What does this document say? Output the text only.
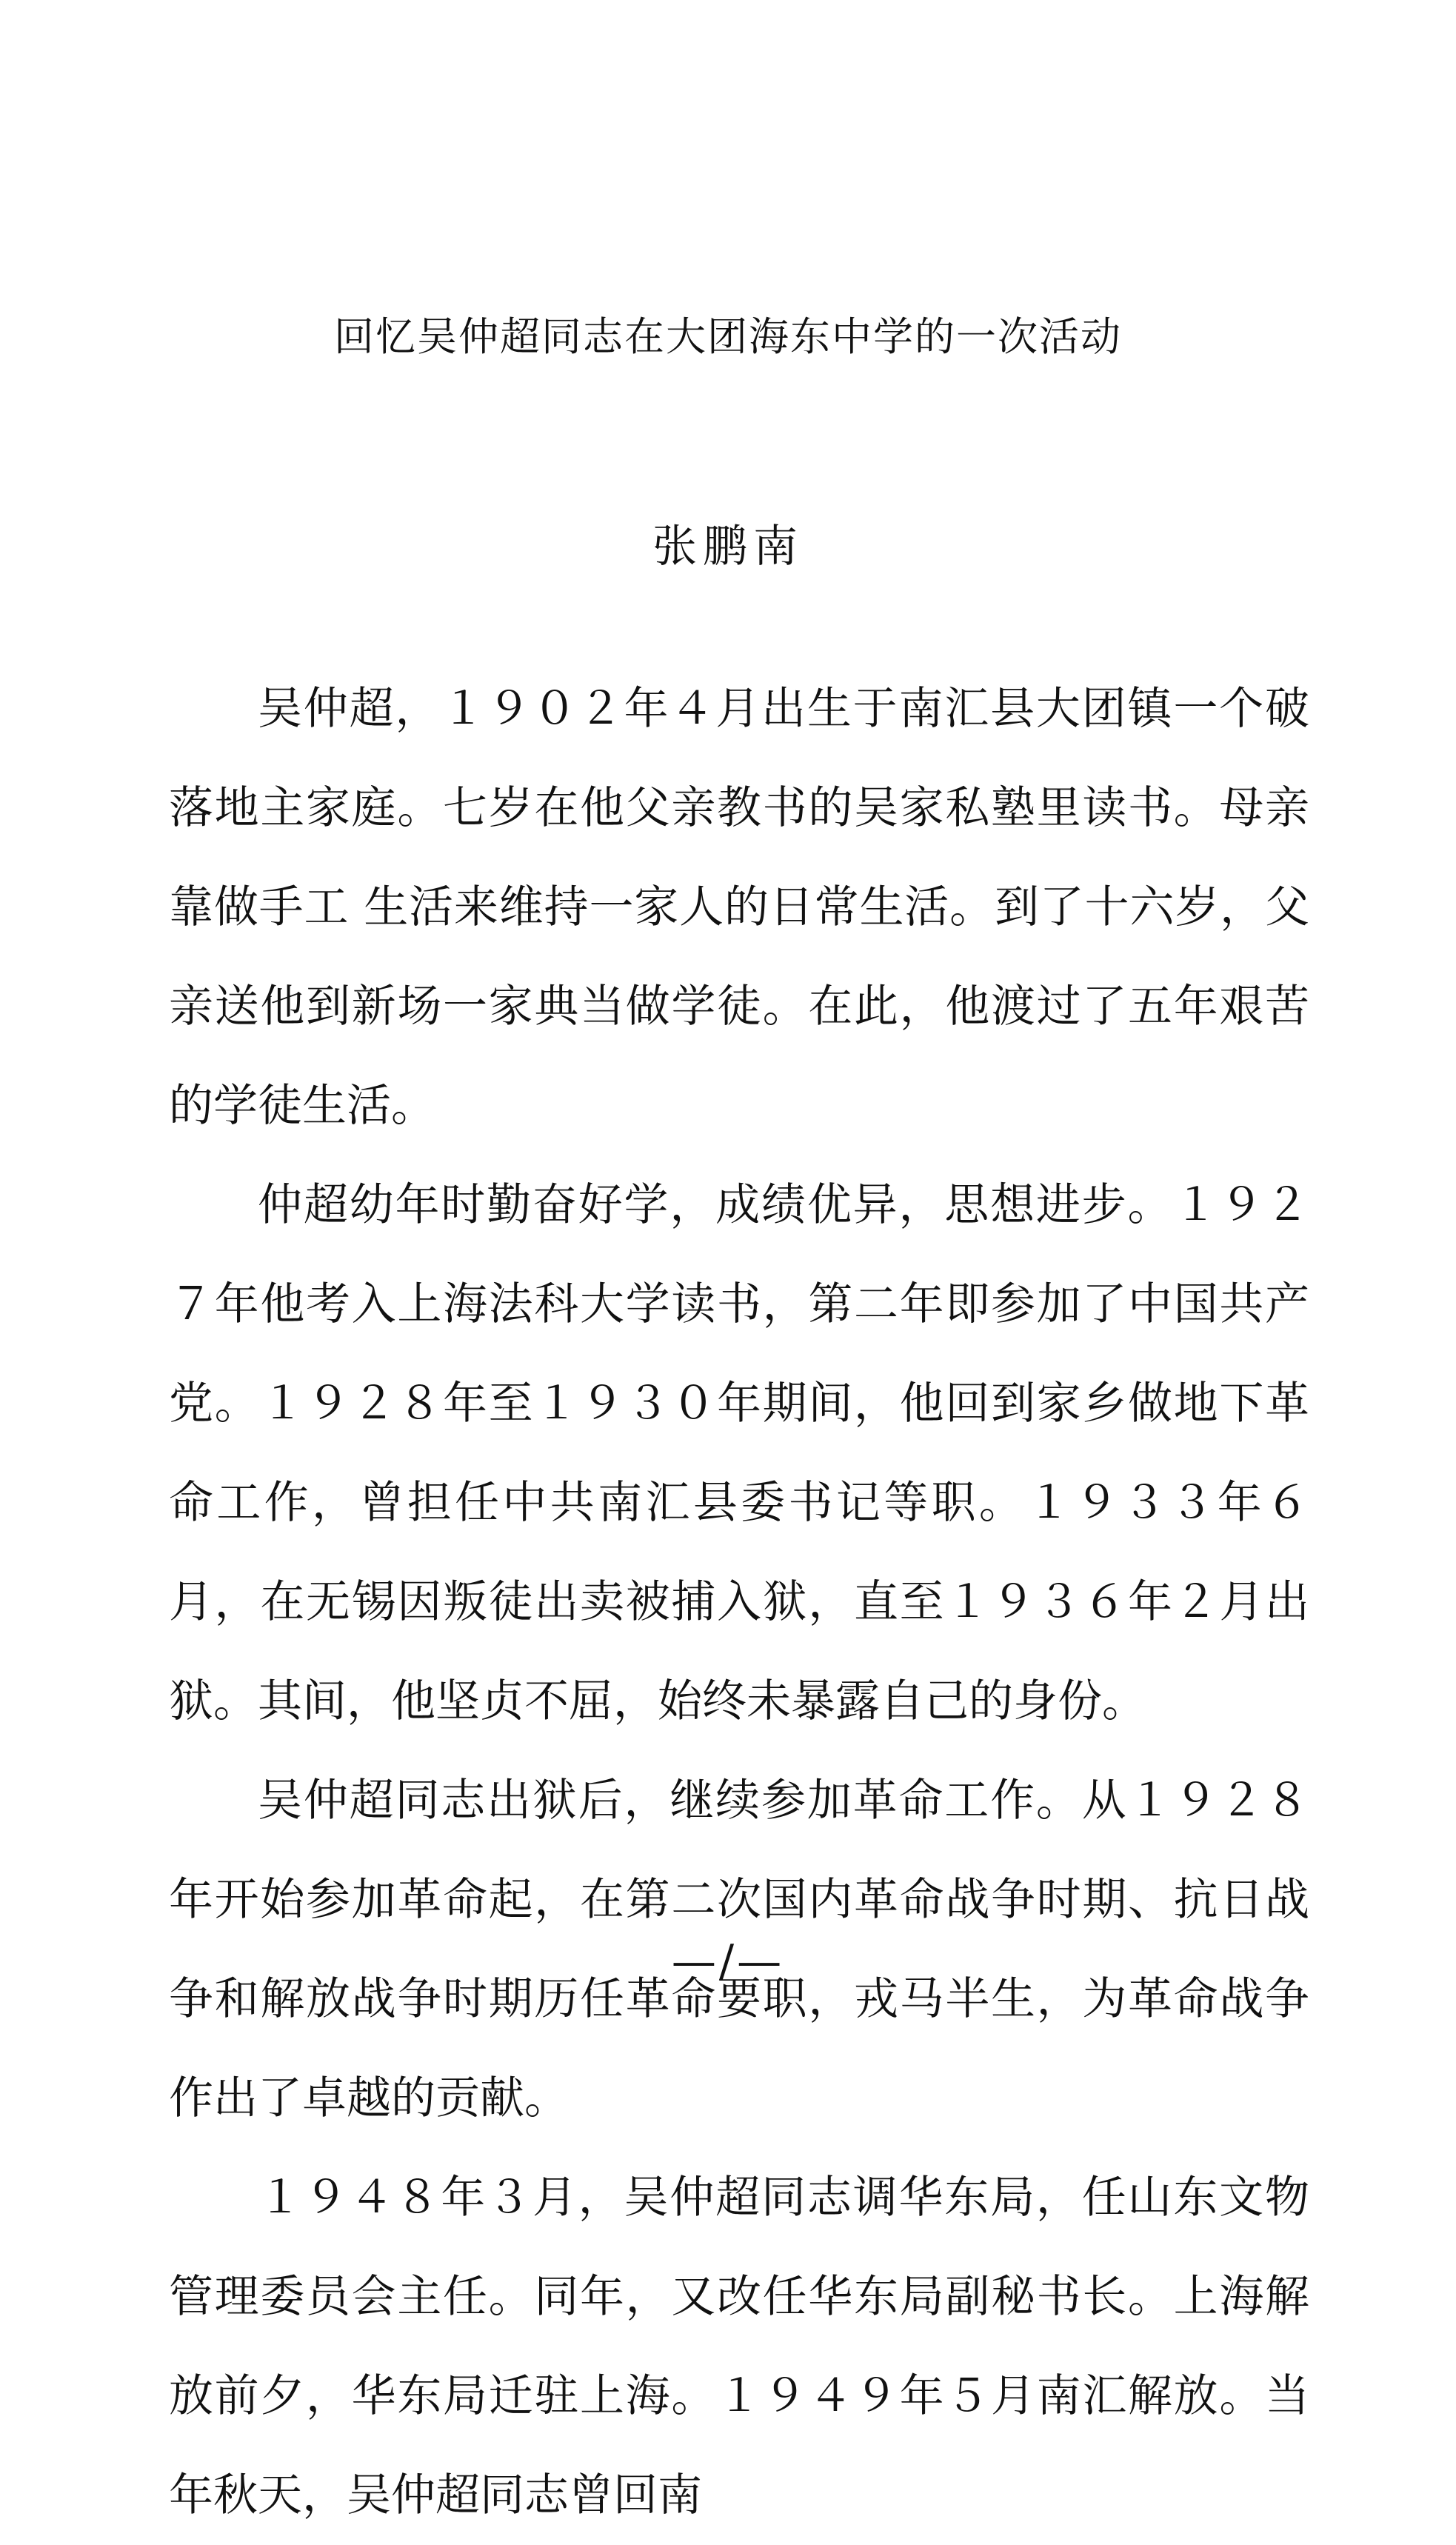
回忆吴仲超同志在大团海东中学的一次活动
张鹏南

吴仲超，１９０２年４月出生于南汇县大团镇一个破落地主家庭。七岁在他父亲教书的吴家私塾里读书。母亲靠做手工 生活来维持一家人的日常生活。到了十六岁，父亲送他到新场一家典当做学徒。在此，他渡过了五年艰苦的学徒生活。

仲超幼年时勤奋好学，成绩优异，思想进步。１９２７年他考入上海法科大学读书，第二年即参加了中国共产党。１９２８年至１９３０年期间，他回到家乡做地下革命工作，曾担任中共南汇县委书记等职。１９３３年６月，在无锡因叛徒出卖被捕入狱，直至１９３６年２月出狱。其间，他坚贞不屈，始终未暴露自己的身份。

吴仲超同志出狱后，继续参加革命工作。从１９２８年开始参加革命起，在第二次国内革命战争时期、抗日战争和解放战争时期历任革命要职，戎马半生，为革命战争作出了卓越的贡献。

１９４８年３月，吴仲超同志调华东局，任山东文物管理委员会主任。同年，又改任华东局副秘书长。上海解放前夕，华东局迁驻上海。１９４９年５月南汇解放。当年秋天，吴仲超同志曾回南

—/—
